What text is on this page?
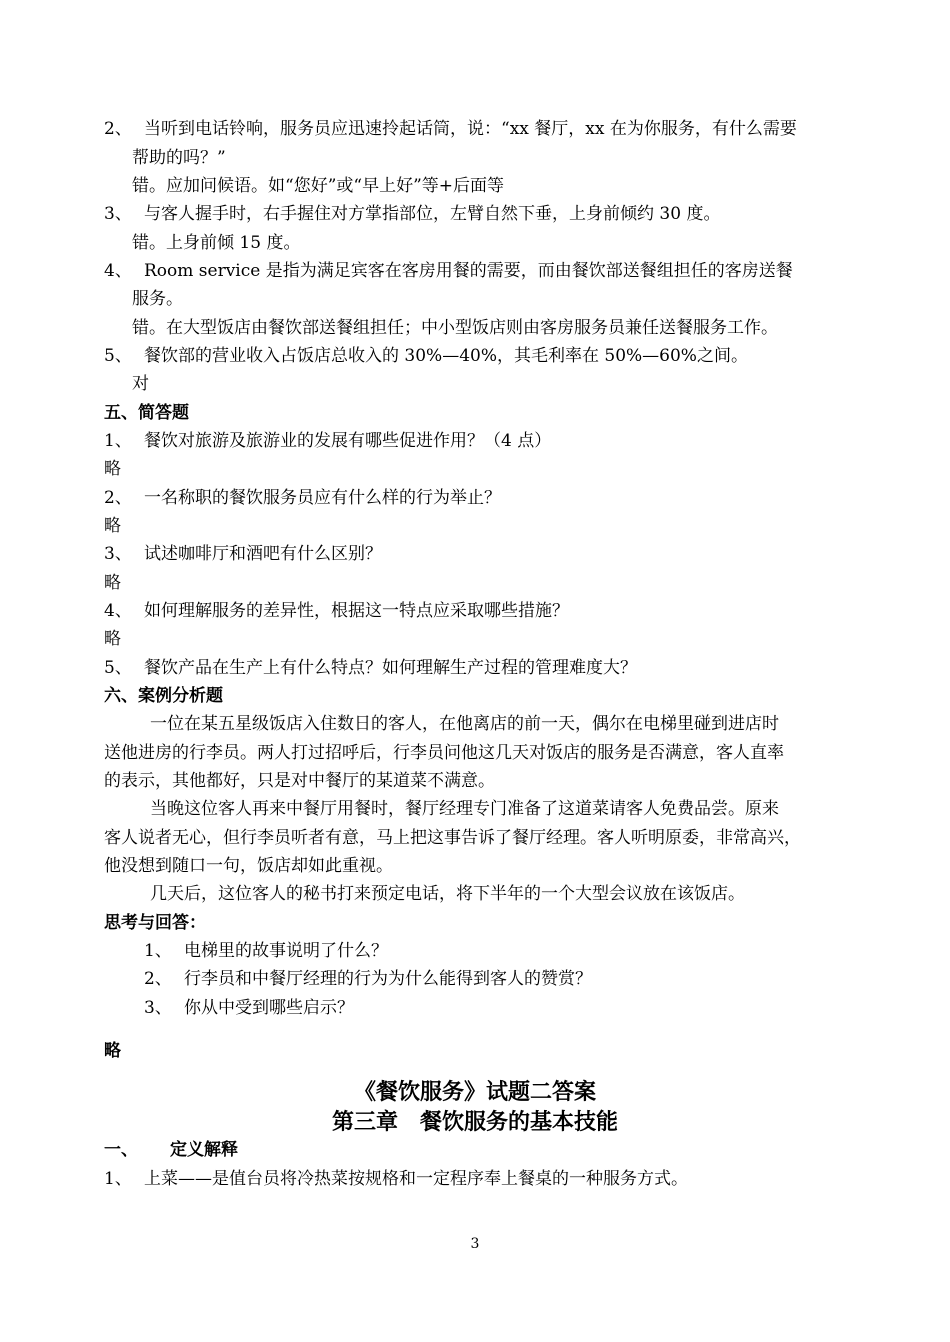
2、 当听到电话铃响，服务员应迅速拎起话筒，说：“xx 餐厅，xx 在为你服务，有什么需要
帮助的吗？”
错。应加问候语。如“您好”或“早上好”等+后面等
3、 与客人握手时，右手握住对方掌指部位，左臂自然下垂，上身前倾约 30 度。
错。上身前倾 15 度。
4、 Room service 是指为满足宾客在客房用餐的需要，而由餐饮部送餐组担任的客房送餐
服务。
错。在大型饭店由餐饮部送餐组担任；中小型饭店则由客房服务员兼任送餐服务工作。
5、 餐饮部的营业收入占饭店总收入的 30%—40%，其毛利率在 50%—60%之间。
对
五、简答题
1、 餐饮对旅游及旅游业的发展有哪些促进作用？（4 点）
略
2、 一名称职的餐饮服务员应有什么样的行为举止？
略
3、 试述咖啡厅和酒吧有什么区别？
略
4、 如何理解服务的差异性，根据这一特点应采取哪些措施？
略
5、 餐饮产品在生产上有什么特点？如何理解生产过程的管理难度大？
六、案例分析题
一位在某五星级饭店入住数日的客人，在他离店的前一天，偶尔在电梯里碰到进店时
送他进房的行李员。两人打过招呼后，行李员问他这几天对饭店的服务是否满意，客人直率
的表示，其他都好，只是对中餐厅的某道菜不满意。
当晚这位客人再来中餐厅用餐时，餐厅经理专门准备了这道菜请客人免费品尝。原来
客人说者无心，但行李员听者有意，马上把这事告诉了餐厅经理。客人听明原委，非常高兴，
他没想到随口一句，饭店却如此重视。
几天后，这位客人的秘书打来预定电话，将下半年的一个大型会议放在该饭店。
思考与回答：
1、 电梯里的故事说明了什么？
2、 行李员和中餐厅经理的行为为什么能得到客人的赞赏？
3、 你从中受到哪些启示？
略
《餐饮服务》试题二答案
第三章　餐饮服务的基本技能
一、 定义解释
1、 上菜——是值台员将冷热菜按规格和一定程序奉上餐桌的一种服务方式。
3
